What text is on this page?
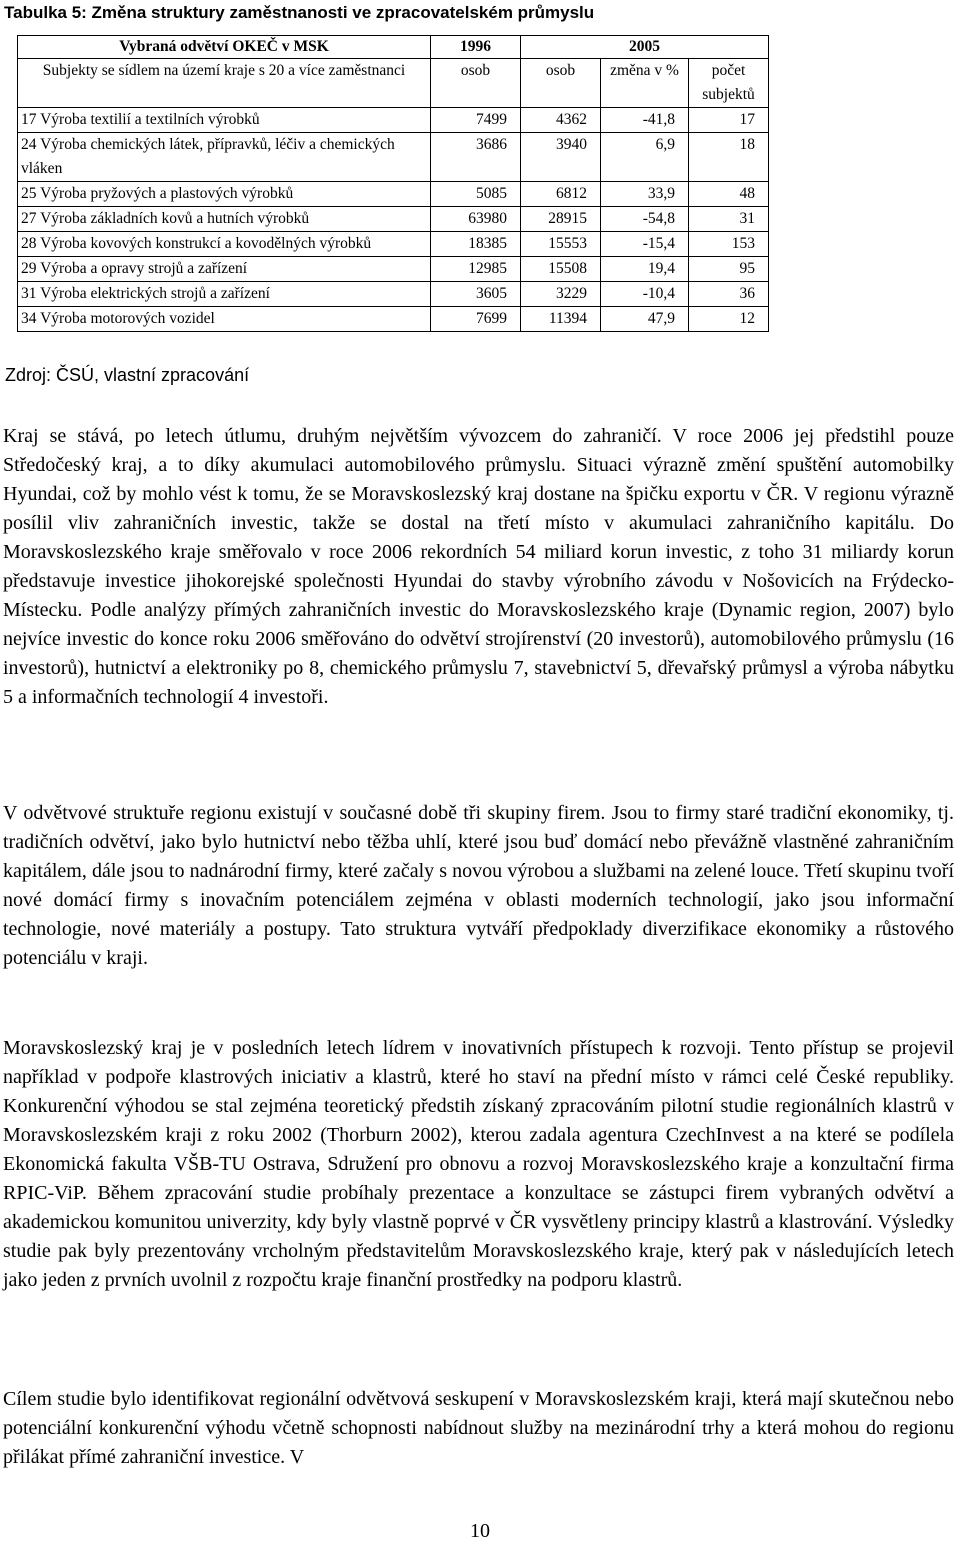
Tabulka 5: Změna struktury zaměstnanosti ve zpracovatelském průmyslu
Vybraná odvětví OKEČ v MSK	1996	2005		
Subjekty se sídlem na území kraje s 20 a více zaměstnanci	osob	osob	změna v %	počet subjektů
17 Výroba textilií a textilních výrobků	7499	4362	-41,8	17
24 Výroba chemických látek, přípravků, léčiv a chemických vláken	3686	3940	6,9	18
25 Výroba pryžových a plastových výrobků	5085	6812	33,9	48
27 Výroba základních kovů a hutních výrobků	63980	28915	-54,8	31
28 Výroba kovových konstrukcí a kovodělných výrobků	18385	15553	-15,4	153
29 Výroba a opravy strojů a zařízení	12985	15508	19,4	95
31 Výroba elektrických strojů a zařízení	3605	3229	-10,4	36
34 Výroba motorových vozidel	7699	11394	47,9	12
Zdroj: ČSÚ, vlastní zpracování

Kraj se stává, po letech útlumu, druhým největším vývozcem do zahraničí. V roce 2006 jej předstihl pouze Středočeský kraj, a to díky akumulaci automobilového průmyslu. Situaci výrazně změní spuštění automobilky Hyundai, což by mohlo vést k tomu, že se Moravskoslezský kraj dostane na špičku exportu v ČR. V regionu výrazně posílil vliv zahraničních investic, takže se dostal na třetí místo v akumulaci zahraničního kapitálu. Do Moravskoslezského kraje směřovalo v roce 2006 rekordních 54 miliard korun investic, z toho 31 miliardy korun představuje investice jihokorejské společnosti Hyundai do stavby výrobního závodu v Nošovicích na Frýdecko-Místecku. Podle analýzy přímých zahraničních investic do Moravskoslezského kraje (Dynamic region, 2007) bylo nejvíce investic do konce roku 2006 směřováno do odvětví strojírenství (20 investorů), automobilového průmyslu (16 investorů), hutnictví a elektroniky po 8, chemického průmyslu 7, stavebnictví 5, dřevařský průmysl a výroba nábytku 5 a informačních technologií 4 investoři.

V odvětvové struktuře regionu existují v současné době tři skupiny firem. Jsou to firmy staré tradiční ekonomiky, tj. tradičních odvětví, jako bylo hutnictví nebo těžba uhlí, které jsou buď domácí nebo převážně vlastněné zahraničním kapitálem, dále jsou to nadnárodní firmy, které začaly s novou výrobou a službami na zelené louce. Třetí skupinu tvoří nové domácí firmy s inovačním potenciálem zejména v oblasti moderních technologií, jako jsou informační technologie, nové materiály a postupy. Tato struktura vytváří předpoklady diverzifikace ekonomiky a růstového potenciálu v kraji.

Moravskoslezský kraj je v posledních letech lídrem v inovativních přístupech k rozvoji. Tento přístup se projevil například v podpoře klastrových iniciativ a klastrů, které ho staví na přední místo v rámci celé České republiky. Konkurenční výhodou se stal zejména teoretický předstih získaný zpracováním pilotní studie regionálních klastrů v Moravskoslezském kraji z roku 2002 (Thorburn 2002), kterou zadala agentura CzechInvest a na které se podílela Ekonomická fakulta VŠB-TU Ostrava, Sdružení pro obnovu a rozvoj Moravskoslezského kraje a konzultační firma RPIC-ViP. Během zpracování studie probíhaly prezentace a konzultace se zástupci firem vybraných odvětví a akademickou komunitou univerzity, kdy byly vlastně poprvé v ČR vysvětleny principy klastrů a klastrování. Výsledky studie pak byly prezentovány vrcholným představitelům Moravskoslezského kraje, který pak v následujících letech jako jeden z prvních uvolnil z rozpočtu kraje finanční prostředky na podporu klastrů.

Cílem studie bylo identifikovat regionální odvětvová seskupení v Moravskoslezském kraji, která mají skutečnou nebo potenciální konkurenční výhodu včetně schopnosti nabídnout služby na mezinárodní trhy a která mohou do regionu přilákat přímé zahraniční investice. V

10
